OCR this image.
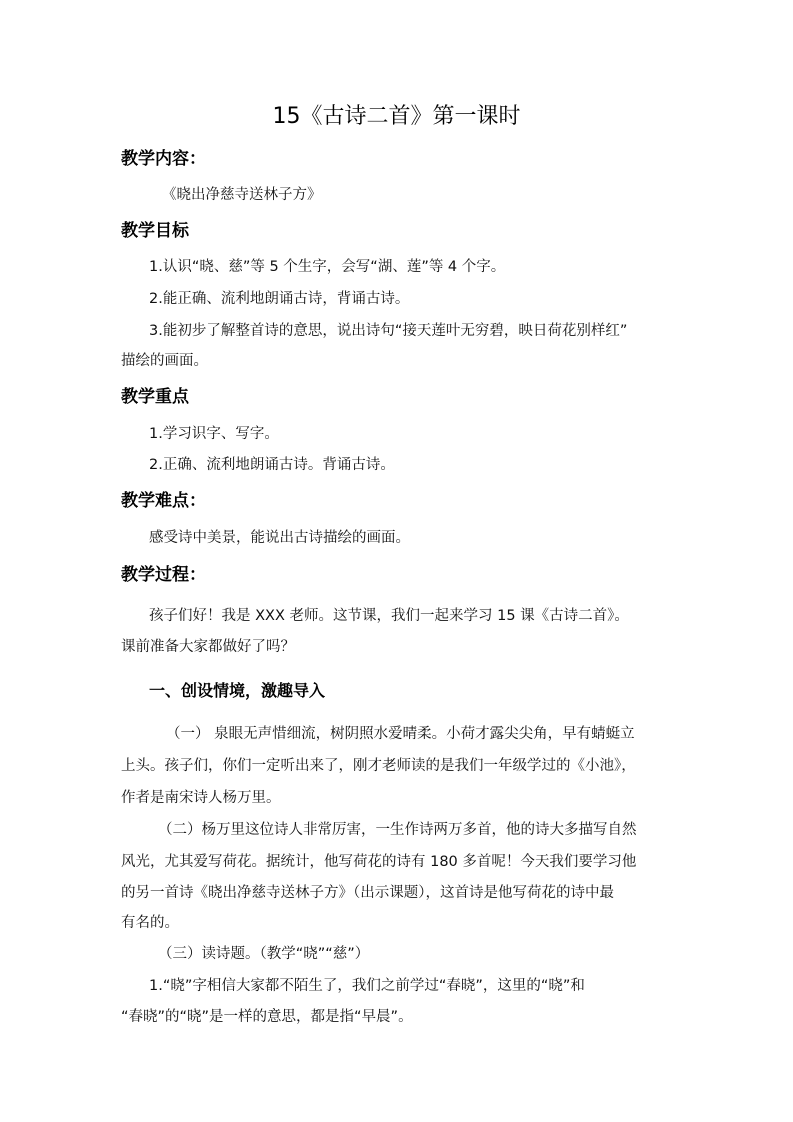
15《古诗二首》第一课时
教学内容：
《晓出净慈寺送林子方》
教学目标
1.认识“晓、慈”等 5 个生字，会写“湖、莲”等 4 个字。
2.能正确、流利地朗诵古诗，背诵古诗。
3.能初步了解整首诗的意思，说出诗句“接天莲叶无穷碧，映日荷花别样红”
描绘的画面。
教学重点
1.学习识字、写字。
2.正确、流利地朗诵古诗。背诵古诗。
教学难点：
感受诗中美景，能说出古诗描绘的画面。
教学过程：
孩子们好！我是 XXX 老师。这节课，我们一起来学习 15 课《古诗二首》。
课前准备大家都做好了吗？
一、创设情境，激趣导入
（一） 泉眼无声惜细流，树阴照水爱晴柔。小荷才露尖尖角，早有蜻蜓立
上头。孩子们，你们一定听出来了，刚才老师读的是我们一年级学过的《小池》，
作者是南宋诗人杨万里。
（二）杨万里这位诗人非常厉害，一生作诗两万多首，他的诗大多描写自然
风光，尤其爱写荷花。据统计，他写荷花的诗有 180 多首呢！今天我们要学习他
的另一首诗《晓出净慈寺送林子方》（出示课题），这首诗是他写荷花的诗中最
有名的。
（三）读诗题。（教学“晓”“慈”）
1.“晓”字相信大家都不陌生了，我们之前学过“春晓”，这里的“晓”和
“春晓”的“晓”是一样的意思，都是指“早晨”。
